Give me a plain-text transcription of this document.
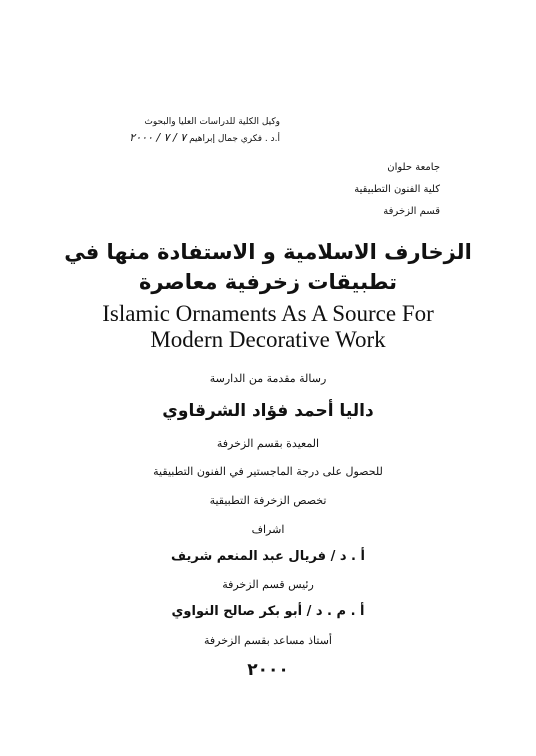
وكيل الكلية للدراسات العليا والبحوث
أ.د . فكري جمال إبراهيم ٧ / ٧ / ٢٠٠٠
جامعة حلوان
كلية الفنون التطبيقية
قسم الزخرفة
الزخارف الاسلامية و الاستفادة منها في
تطبيقات زخرفية معاصرة
Islamic Ornaments As A Source For
Modern Decorative Work
رسالة مقدمة من الدارسة
داليا أحمد فؤاد الشرقاوي
المعيدة بقسم الزخرفة
للحصول على درجة الماجستير في الفنون التطبيقية
تخصص الزخرفة التطبيقية
اشراف
أ . د / فريال عبد المنعم شريف
رئيس قسم الزخرفة
أ . م . د / أبو بكر صالح النواوي
أستاذ مساعد بقسم الزخرفة
٢٠٠٠
